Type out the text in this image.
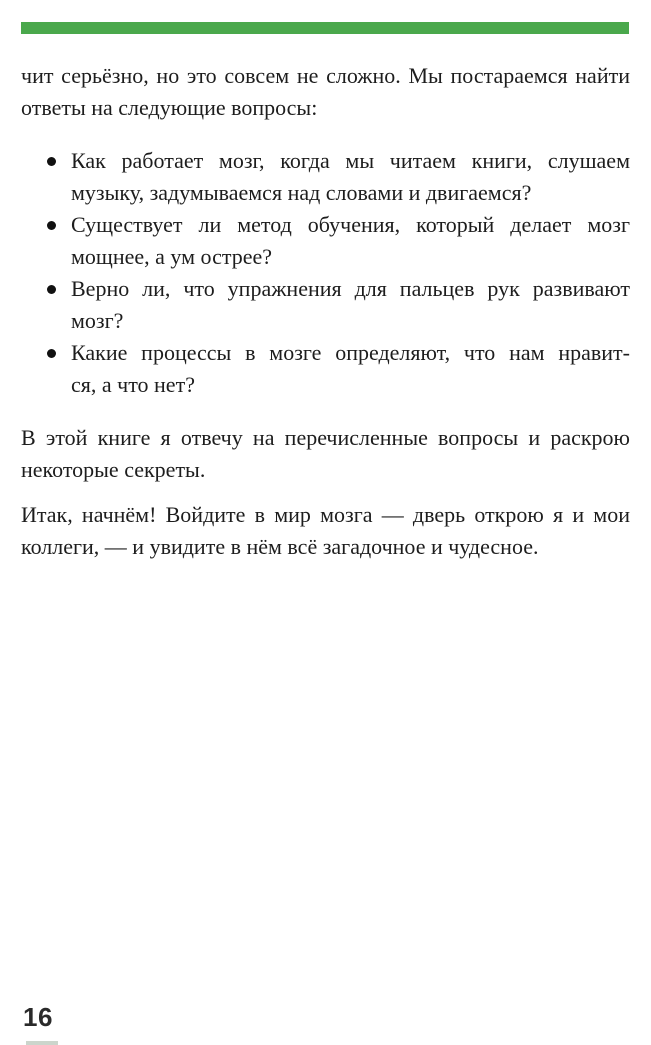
чит серьёзно, но это совсем не сложно. Мы постараемся найти
ответы на следующие вопросы:
Как работает мозг, когда мы читаем книги, слушаем
музыку, задумываемся над словами и двигаемся?
Существует ли метод обучения, который делает мозг
мощнее, а ум острее?
Верно ли, что упражнения для пальцев рук развивают
мозг?
Какие процессы в мозге определяют, что нам нравит-
ся, а что нет?
В этой книге я отвечу на перечисленные вопросы и раскрою
некоторые секреты.
Итак, начнём! Войдите в мир мозга — дверь открою я и мои
коллеги, — и увидите в нём всё загадочное и чудесное.
16
